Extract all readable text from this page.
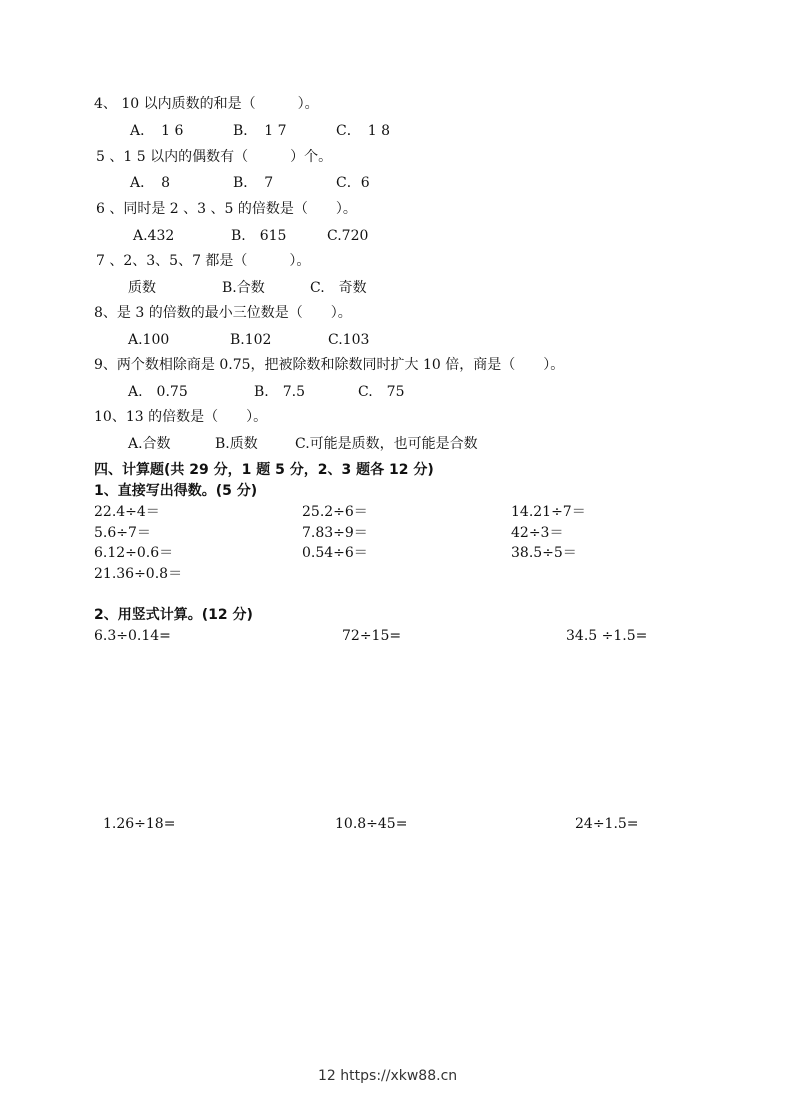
4、 10 以内质数的和是（　　　）。
A．　1 6	B．　1 7	C．　1 8
5 、1 5 以内的偶数有（　　　）个。
A．　8	B．　7	C．6
6 、同时是 2 、3 、5 的倍数是（　　）。
A.432	B.　615	C.720
7 、2、3、5、7 都是（　　　）。
质数	B.合数	C.　奇数
8、是 3 的倍数的最小三位数是（　　）。
A.100	B.102	C.103
9、两个数相除商是 0.75，把被除数和除数同时扩大 10 倍，商是（　　）。
A.　0.75	B.　7.5	C.　75
10、13 的倍数是（　　）。
A.合数	B.质数	C.可能是质数，也可能是合数
四、计算题(共 29 分，1 题 5 分，2、3 题各 12 分)
1、直接写出得数。(5 分)
22.4÷4＝	25.2÷6＝	14.21÷7＝
5.6÷7＝	7.83÷9＝	42÷3＝
6.12÷0.6＝	0.54÷6＝	38.5÷5＝
21.36÷0.8＝
2、用竖式计算。(12 分)
6.3÷0.14=	72÷15=	34.5 ÷1.5=
1.26÷18=	10.8÷45=	24÷1.5=
12 https://xkw88.cn
